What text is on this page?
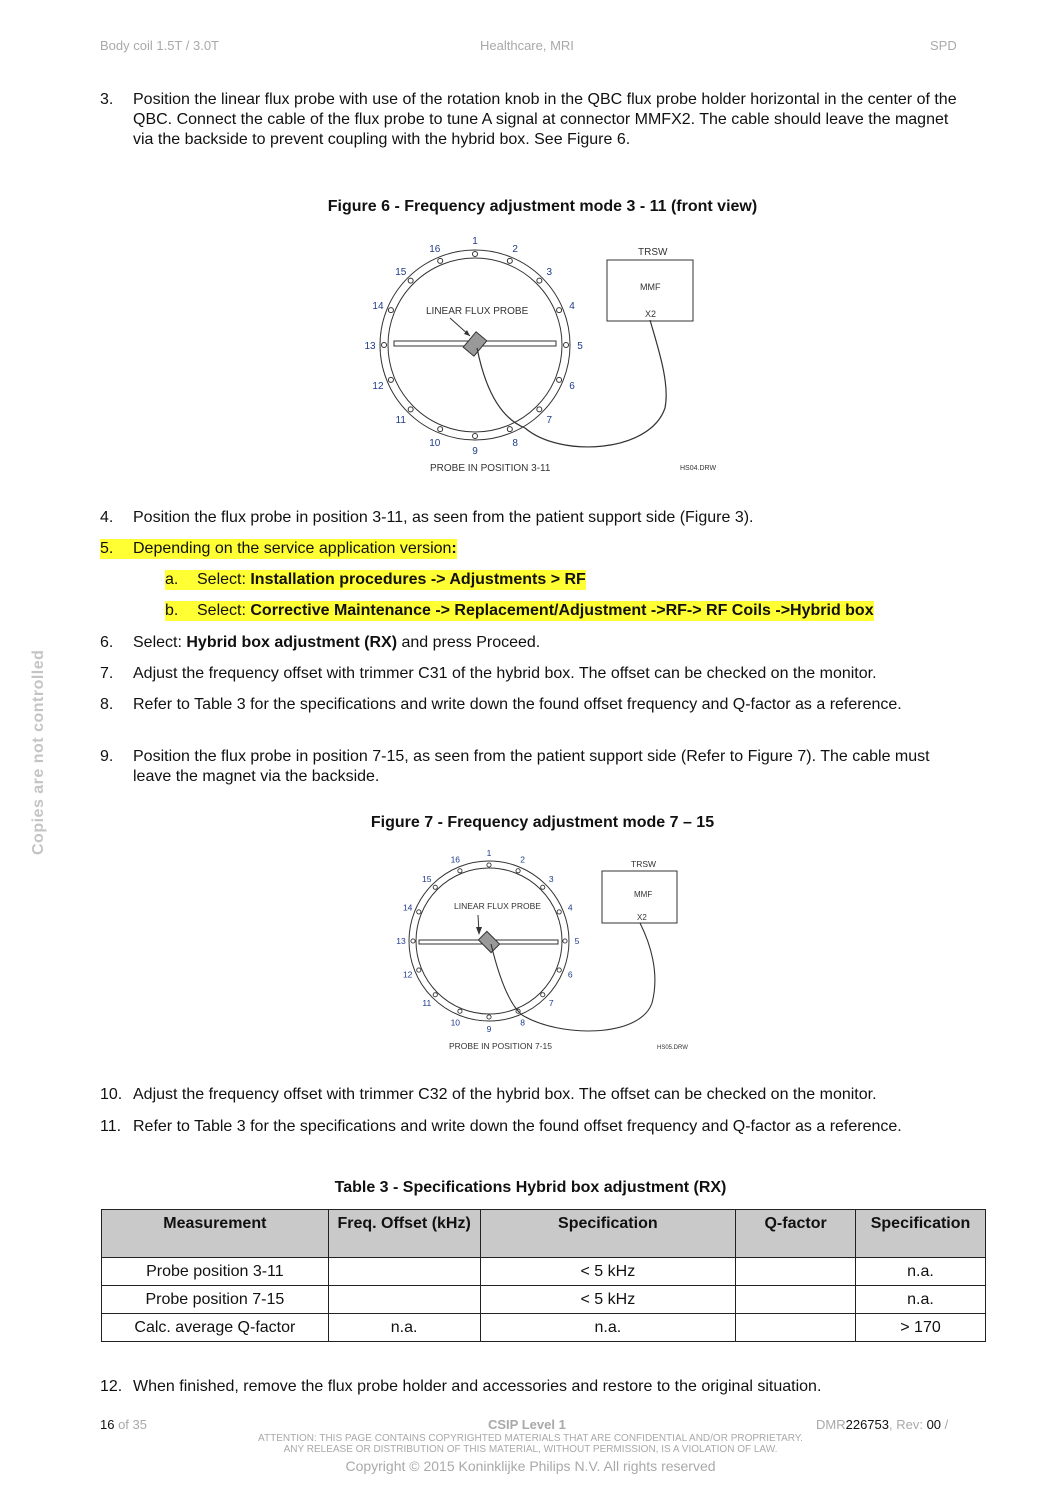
Body coil 1.5T / 3.0T	Healthcare, MRI	SPD
Copies are not controlled
3.	Position the linear flux probe with use of the rotation knob in the QBC flux probe holder horizontal in the center of the QBC. Connect the cable of the flux probe to tune A signal at connector MMFX2. The cable should leave the magnet via the backside to prevent coupling with the hybrid box. See Figure 6.
Figure 6 - Frequency adjustment mode 3 - 11 (front view)
1
2
3
4
5
6
7
8
9
10
11
12
13
14
15
16
LINEAR FLUX PROBE
TRSW
MMF
X2
PROBE IN POSITION 3-11	HS04.DRW
4.	Position the flux probe in position 3-11, as seen from the patient support side (Figure 3).
5. Depending on the service application version:
a. Select: Installation procedures -> Adjustments > RF
b. Select: Corrective Maintenance -> Replacement/Adjustment ->RF-> RF Coils ->Hybrid box
6.	Select: Hybrid box adjustment (RX) and press Proceed.
7.	Adjust the frequency offset with trimmer C31 of the hybrid box. The offset can be checked on the monitor.
8.	Refer to Table 3 for the specifications and write down the found offset frequency and Q-factor as a reference.
9.	Position the flux probe in position 7-15, as seen from the patient support side (Refer to Figure 7). The cable must leave the magnet via the backside.
Figure 7 - Frequency adjustment mode 7 – 15
1
2
3
4
5
6
7
8
9
10
11
12
13
14
15
16
LINEAR FLUX PROBE
TRSW
MMF
X2
PROBE IN POSITION 7-15	HS05.DRW
10. Adjust the frequency offset with trimmer C32 of the hybrid box. The offset can be checked on the monitor.
11. Refer to Table 3 for the specifications and write down the found offset frequency and Q-factor as a reference.
Table 3 - Specifications Hybrid box adjustment (RX)
Measurement	Freq. Offset (kHz)	Specification	Q-factor	Specification
Probe position 3-11		< 5 kHz		n.a.
Probe position 7-15		< 5 kHz		n.a.
Calc. average Q-factor	n.a.	n.a.		> 170
12. When finished, remove the flux probe holder and accessories and restore to the original situation.
16 of 35	CSIP Level 1	DMR226753, Rev: 00 /
ATTENTION: THIS PAGE CONTAINS COPYRIGHTED MATERIALS THAT ARE CONFIDENTIAL AND/OR PROPRIETARY.
ANY RELEASE OR DISTRIBUTION OF THIS MATERIAL, WITHOUT PERMISSION, IS A VIOLATION OF LAW.
Copyright © 2015 Koninklijke Philips N.V. All rights reserved
